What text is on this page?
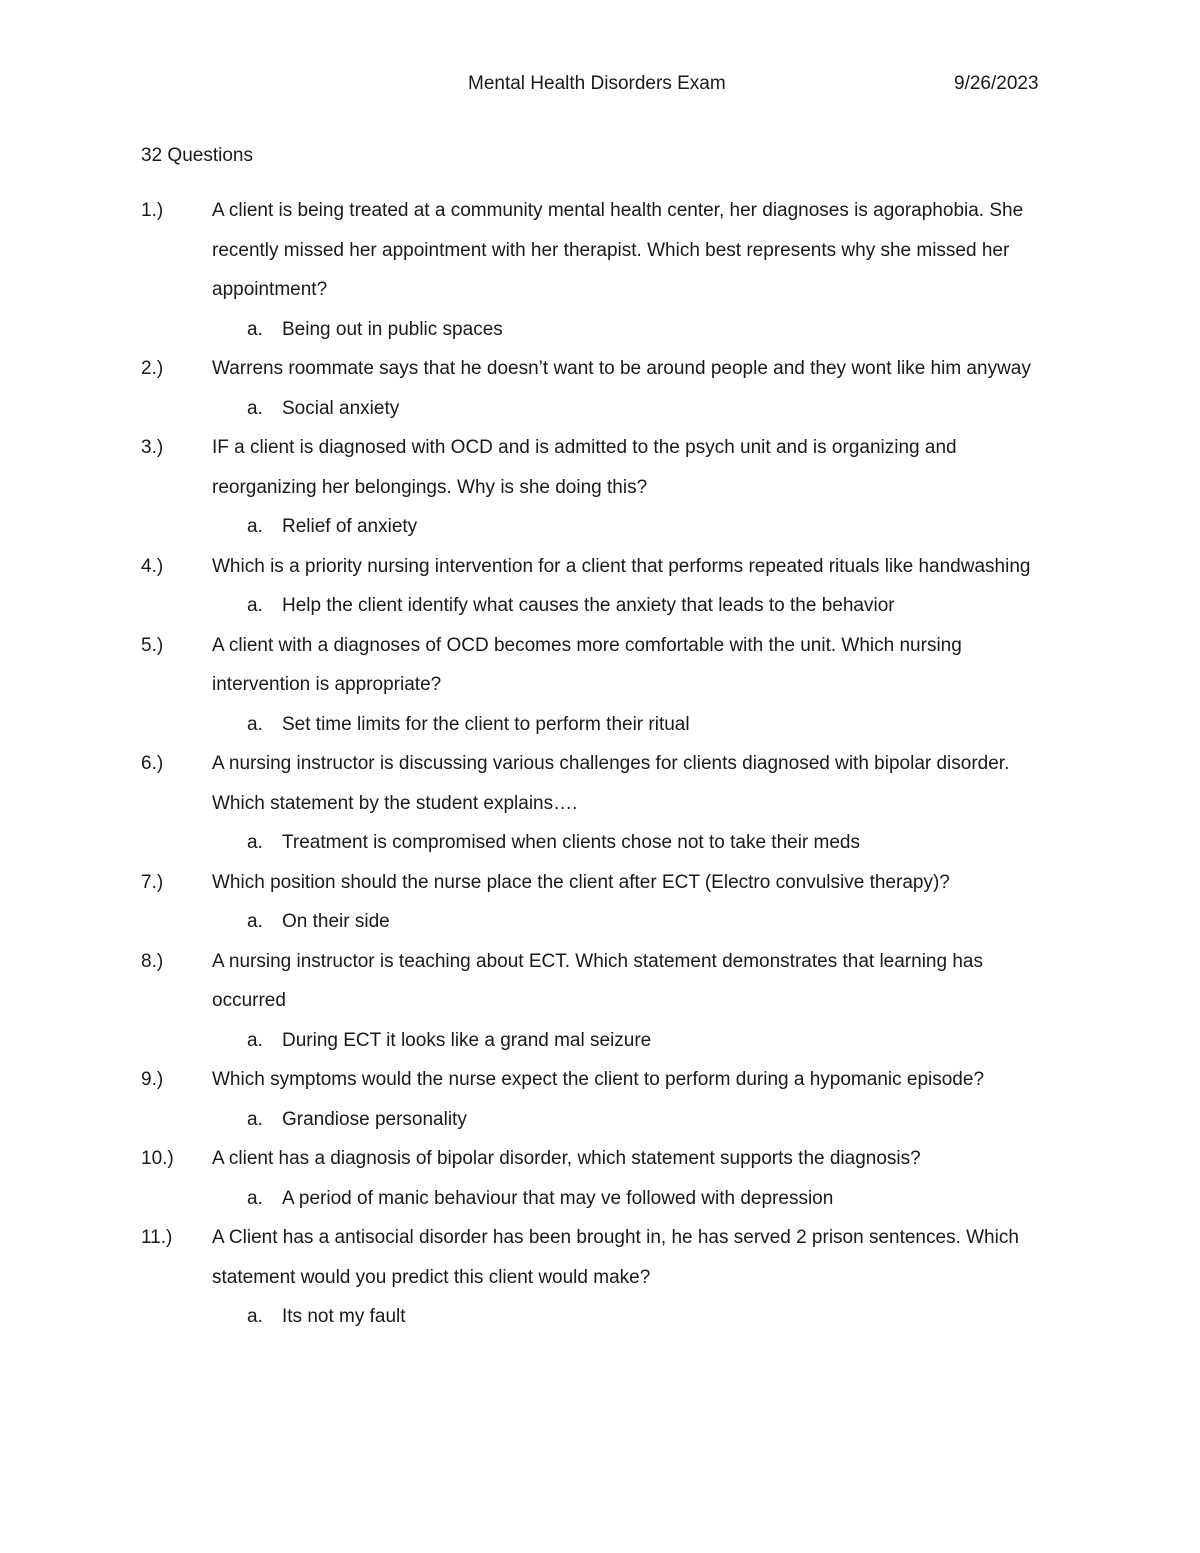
Mental Health Disorders Exam	9/26/2023
32 Questions
1.)	A client is being treated at a community mental health center, her diagnoses is agoraphobia. She recently missed her appointment with her therapist. Which best represents why she missed her appointment?
a.	Being out in public spaces
2.)	Warrens roommate says that he doesn’t want to be around people and they wont like him anyway
a.	Social anxiety
3.)	IF a client is diagnosed with OCD and is admitted to the psych unit and is organizing and reorganizing her belongings. Why is she doing this?
a.	Relief of anxiety
4.)	Which is a priority nursing intervention for a client that performs repeated rituals like handwashing
a.	Help the client identify what causes the anxiety that leads to the behavior
5.)	A client with a diagnoses of OCD becomes more comfortable with the unit. Which nursing intervention is appropriate?
a.	Set time limits for the client to perform their ritual
6.)	A nursing instructor is discussing various challenges for clients diagnosed with bipolar disorder. Which statement by the student explains….
a.	Treatment is compromised when clients chose not to take their meds
7.)	Which position should the nurse place the client after ECT (Electro convulsive therapy)?
a.	On their side
8.)	A nursing instructor is teaching about ECT. Which statement demonstrates that learning has occurred
a.	During ECT it looks like a grand mal seizure
9.)	Which symptoms would the nurse expect the client to perform during a hypomanic episode?
a.	Grandiose personality
10.)	A client has a diagnosis of bipolar disorder, which statement supports the diagnosis?
a.	A period of manic behaviour that may ve followed with depression
11.)	A Client has a antisocial disorder has been brought in, he has served 2 prison sentences. Which statement would you predict this client would make?
a.	Its not my fault
